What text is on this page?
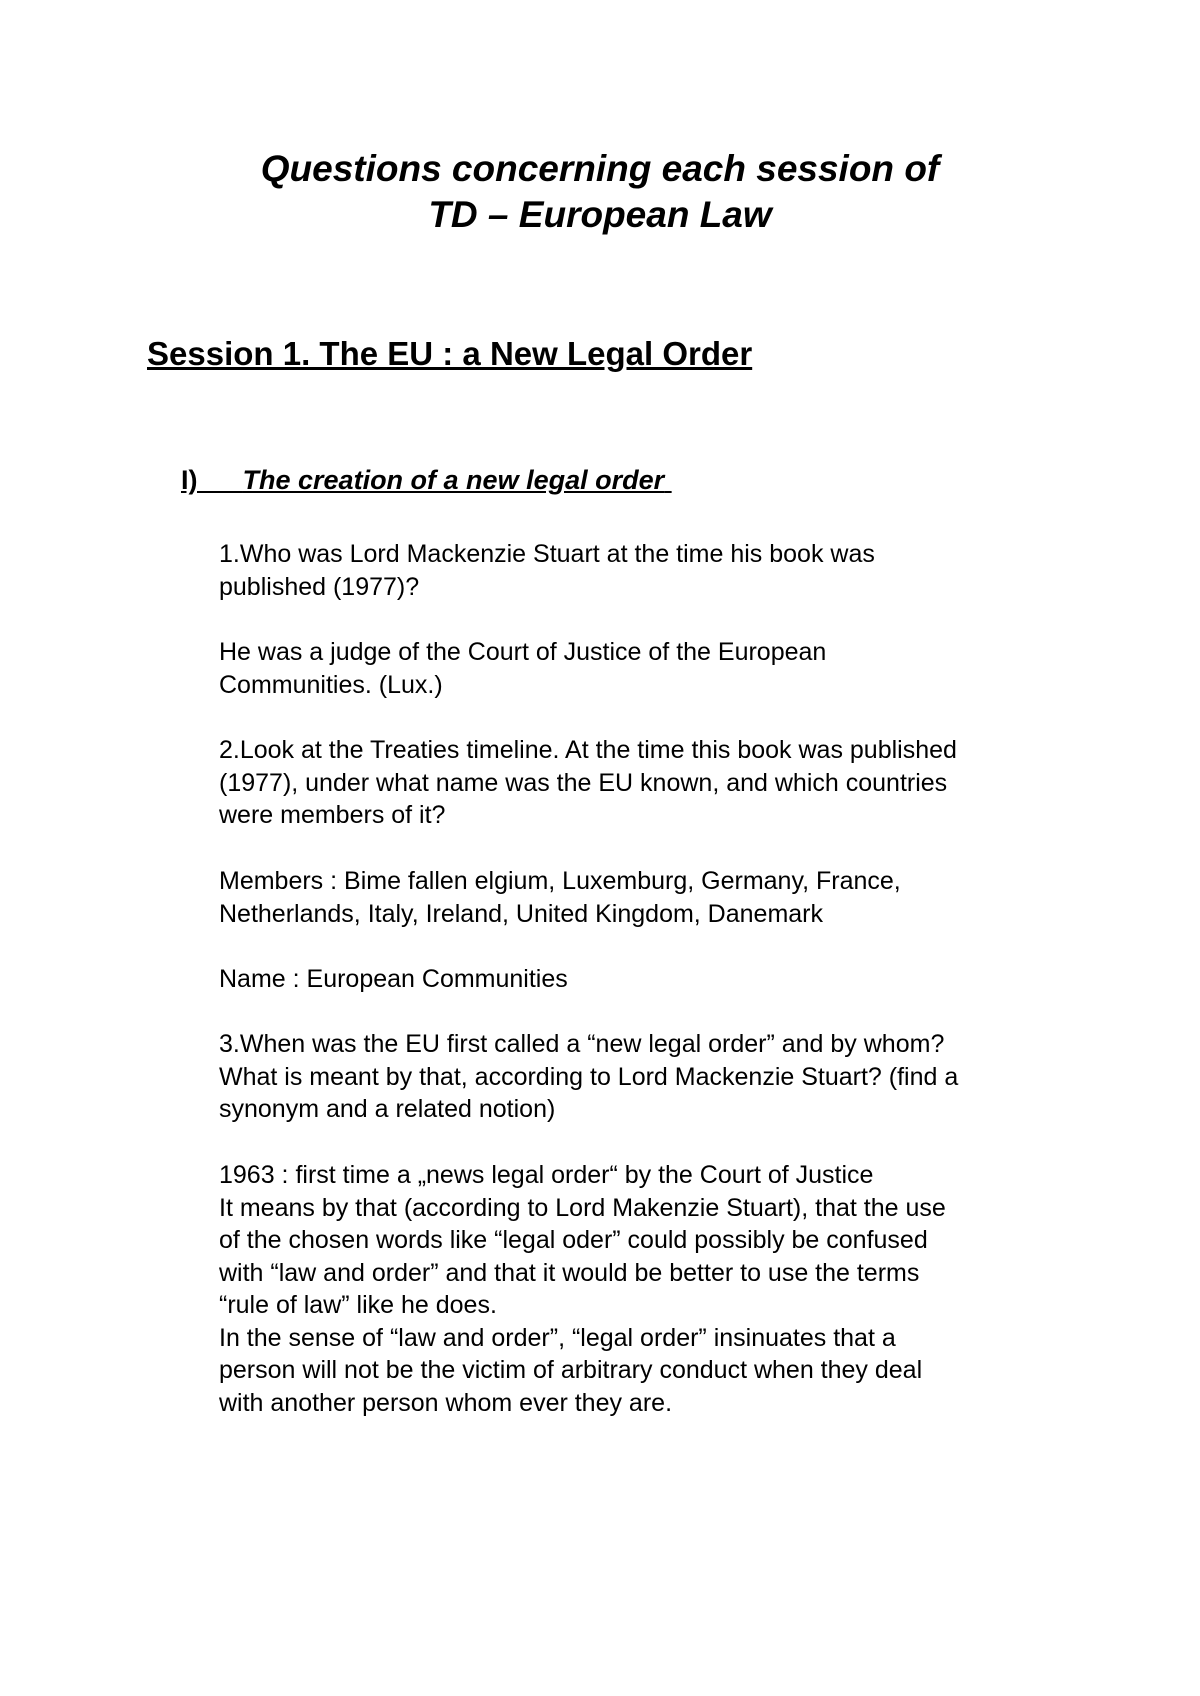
Questions concerning each session of
TD – European Law
Session 1. The EU : a New Legal Order
I) The creation of a new legal order

1.Who was Lord Mackenzie Stuart at the time his book was
published (1977)?

He was a judge of the Court of Justice of the European
Communities. (Lux.)

2.Look at the Treaties timeline. At the time this book was published
(1977), under what name was the EU known, and which countries
were members of it?

Members : Bime fallen elgium, Luxemburg, Germany, France,
Netherlands, Italy, Ireland, United Kingdom, Danemark

Name : European Communities

3.When was the EU first called a “new legal order” and by whom?
What is meant by that, according to Lord Mackenzie Stuart? (find a
synonym and a related notion)

1963 : first time a „news legal order“ by the Court of Justice
It means by that (according to Lord Makenzie Stuart), that the use
of the chosen words like “legal oder” could possibly be confused
with “law and order” and that it would be better to use the terms
“rule of law” like he does.
In the sense of “law and order”, “legal order” insinuates that a
person will not be the victim of arbitrary conduct when they deal
with another person whom ever they are.
